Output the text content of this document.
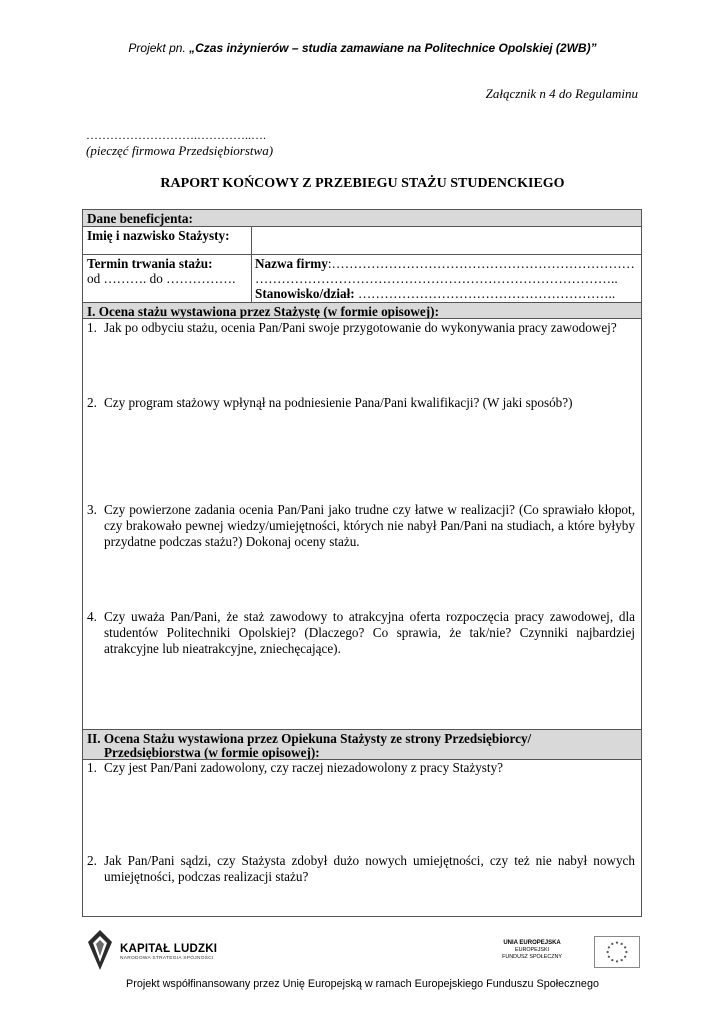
Projekt pn. „Czas inżynierów – studia zamawiane na Politechnice Opolskiej (2WB)”
Załącznik n 4 do Regulaminu
……………………….…………..….
(pieczęć firmowa Przedsiębiorstwa)
RAPORT KOŃCOWY Z PRZEBIEGU STAŻU STUDENCKIEGO
Dane beneficjenta:
Imię i nazwisko Stażysty:
Termin trwania stażu:
od ………. do …………….
Nazwa firmy:……………………………………………………………
………………………………………………………………………..
Stanowisko/dział: …………………………………………………..
I. Ocena stażu wystawiona przez Stażystę (w formie opisowej):
1. Jak po odbyciu stażu, ocenia Pan/Pani swoje przygotowanie do wykonywania pracy zawodowej?
2. Czy program stażowy wpłynął na podniesienie Pana/Pani kwalifikacji? (W jaki sposób?)
3. Czy powierzone zadania ocenia Pan/Pani jako trudne czy łatwe w realizacji? (Co sprawiało kłopot, czy brakowało pewnej wiedzy/umiejętności, których nie nabył Pan/Pani na studiach, a które byłyby przydatne podczas stażu?) Dokonaj oceny stażu.
4. Czy uważa Pan/Pani, że staż zawodowy to atrakcyjna oferta rozpoczęcia pracy zawodowej, dla studentów Politechniki Opolskiej? (Dlaczego? Co sprawia, że tak/nie? Czynniki najbardziej atrakcyjne lub nieatrakcyjne, zniechęcające).
II. Ocena Stażu wystawiona przez Opiekuna Stażysty ze strony Przedsiębiorcy/
Przedsiębiorstwa (w formie opisowej):
1. Czy jest Pan/Pani zadowolony, czy raczej niezadowolony z pracy Stażysty?
2. Jak Pan/Pani sądzi, czy Stażysta zdobył dużo nowych umiejętności, czy też nie nabył nowych umiejętności, podczas realizacji stażu?
KAPITAŁ LUDZKI
NARODOWA STRATEGIA SPÓJNOŚCI
UNIA EUROPEJSKA
EUROPEJSKI
FUNDUSZ SPOŁECZNY
Projekt współfinansowany przez Unię Europejską w ramach Europejskiego Funduszu Społecznego
